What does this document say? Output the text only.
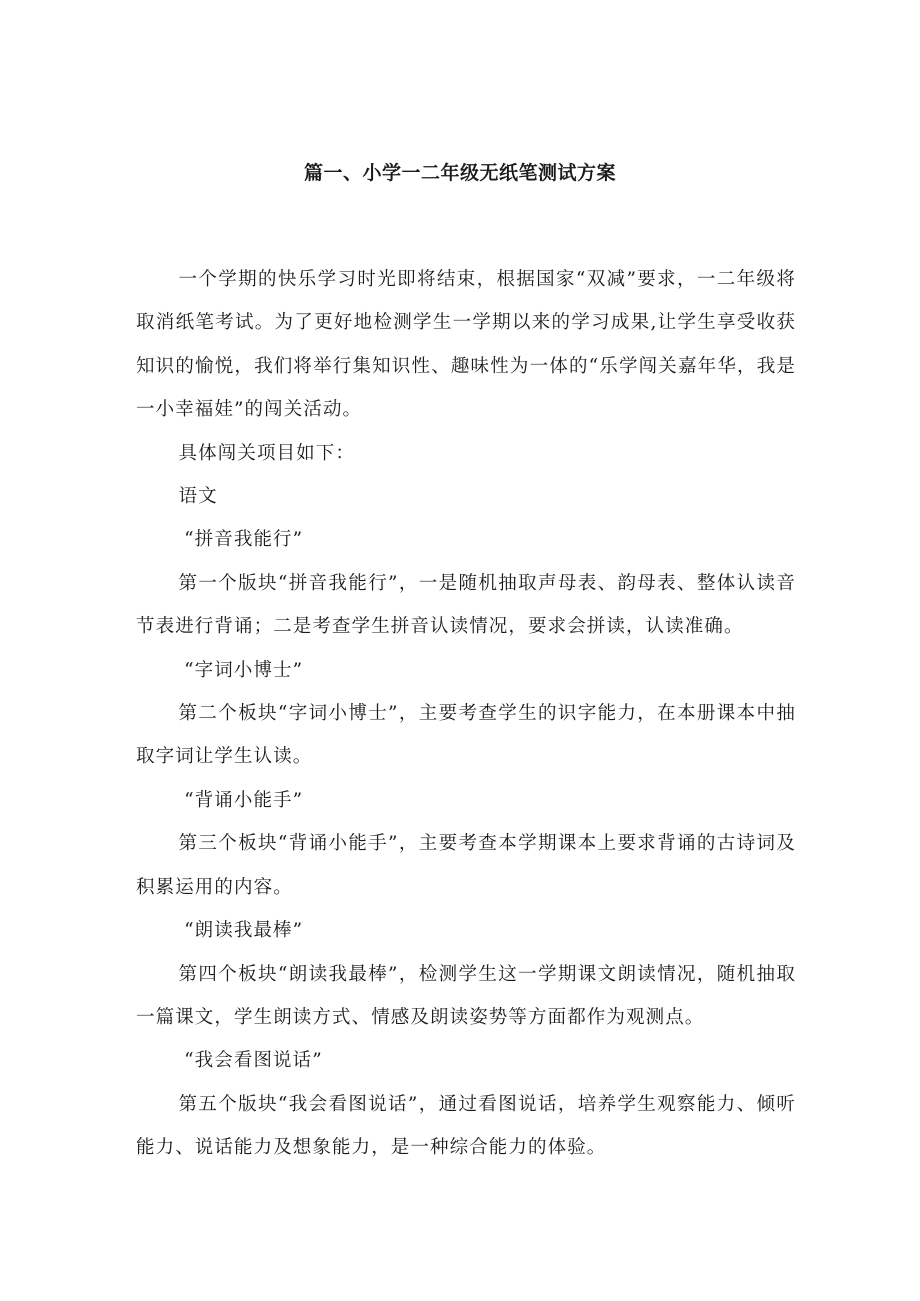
篇一、小学一二年级无纸笔测试方案

一个学期的快乐学习时光即将结束，根据国家“双减”要求，一二年级将取消纸笔考试。为了更好地检测学生一学期以来的学习成果,让学生享受收获知识的愉悦，我们将举行集知识性、趣味性为一体的“乐学闯关嘉年华，我是一小幸福娃”的闯关活动。

具体闯关项目如下：

语文

“拼音我能行”

第一个版块“拼音我能行”，一是随机抽取声母表、韵母表、整体认读音节表进行背诵；二是考查学生拼音认读情况，要求会拼读，认读准确。

“字词小博士”

第二个板块“字词小博士”，主要考查学生的识字能力，在本册课本中抽取字词让学生认读。

“背诵小能手”

第三个板块“背诵小能手”，主要考查本学期课本上要求背诵的古诗词及积累运用的内容。

“朗读我最棒”

第四个板块“朗读我最棒”，检测学生这一学期课文朗读情况，随机抽取一篇课文，学生朗读方式、情感及朗读姿势等方面都作为观测点。

“我会看图说话”

第五个版块“我会看图说话”，通过看图说话，培养学生观察能力、倾听能力、说话能力及想象能力，是一种综合能力的体验。
